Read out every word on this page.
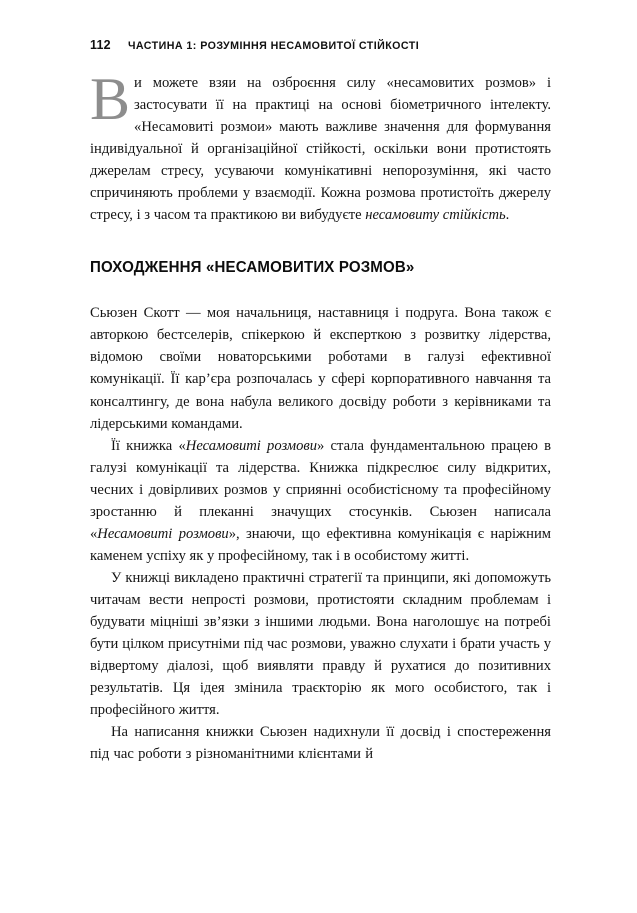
112 ЧАСТИНА 1: РОЗУМІННЯ НЕСАМОВИТОЇ СТІЙКОСТІ
В и можете взяи на озброєння силу «несамовитих розмов» і застосувати її на практиці на основі біометричного інтелекту. «Несамовиті розмои» мають важливе значення для формування індивідуальної й організаційної стійкості, оскільки вони протистоять джерелам стресу, усуваючи комунікативні непорозуміння, які часто спричиняють проблеми у взаємодії. Кожна розмова протистоїть джерелу стресу, і з часом та практикою ви вибудуєте несамовиту стійкість.

ПОХОДЖЕННЯ «НЕСАМОВИТИХ РОЗМОВ»

Сьюзен Скотт — моя начальниця, наставниця і подруга. Вона також є авторкою бестселерів, спікеркою й експерткою з розвитку лідерства, відомою своїми новаторськими роботами в галузі ефективної комунікації. Її кар’єра розпочалась у сфері корпоративного навчання та консалтингу, де вона набула великого досвіду роботи з керівниками та лідерськими командами.

Її книжка «Несамовиті розмови» стала фундаментальною працею в галузі комунікації та лідерства. Книжка підкреслює силу відкритих, чесних і довірливих розмов у сприянні особистісному та професійному зростанню й плеканні значущих стосунків. Сьюзен написала «Несамовиті розмови», знаючи, що ефективна комунікація є наріжним каменем успіху як у професійному, так і в особистому житті.

У книжці викладено практичні стратегії та принципи, які допоможуть читачам вести непрості розмови, протистояти складним проблемам і будувати міцніші зв’язки з іншими людьми. Вона наголошує на потребі бути цілком присутніми під час розмови, уважно слухати і брати участь у відвертому діалозі, щоб виявляти правду й рухатися до позитивних результатів. Ця ідея змінила траєкторію як мого особистого, так і професійного життя.

На написання книжки Сьюзен надихнули її досвід і спостереження під час роботи з різноманітними клієнтами й
